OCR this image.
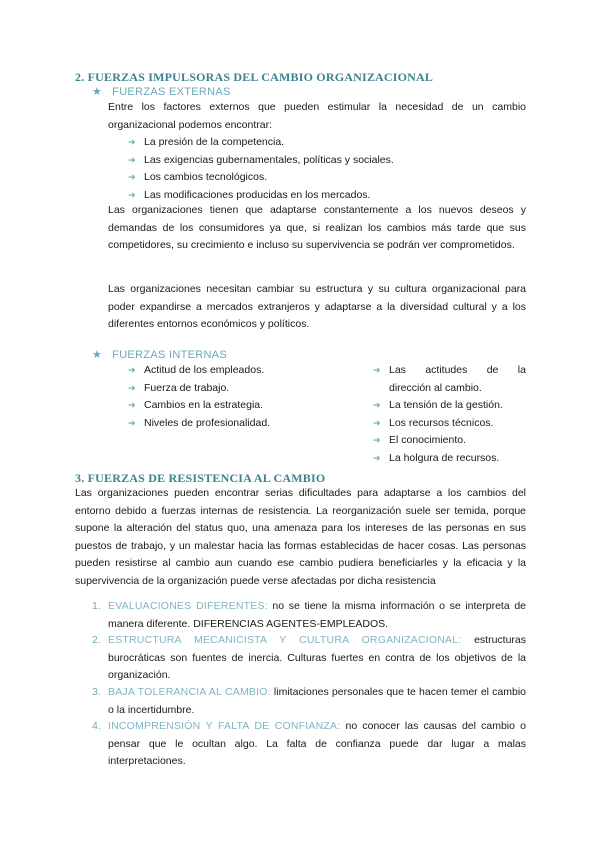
2. FUERZAS IMPULSORAS DEL CAMBIO ORGANIZACIONAL
★ FUERZAS EXTERNAS
Entre los factores externos que pueden estimular la necesidad de un cambio organizacional podemos encontrar:
➔ La presión de la competencia.
➔ Las exigencias gubernamentales, políticas y sociales.
➔ Los cambios tecnológicos.
➔ Las modificaciones producidas en los mercados.
Las organizaciones tienen que adaptarse constantemente a los nuevos deseos y demandas de los consumidores ya que, si realizan los cambios más tarde que sus competidores, su crecimiento e incluso su supervivencia se podrán ver comprometidos.
Las organizaciones necesitan cambiar su estructura y su cultura organizacional para poder expandirse a mercados extranjeros y adaptarse a la diversidad cultural y a los diferentes entornos económicos y políticos.
★ FUERZAS INTERNAS
➔ Actitud de los empleados.
➔ Fuerza de trabajo.
➔ Cambios en la estrategia.
➔ Niveles de profesionalidad.
➔ Las actitudes de la
dirección al cambio.
➔ La tensión de la gestión.
➔ Los recursos técnicos.
➔ El conocimiento.
➔ La holgura de recursos.
3. FUERZAS DE RESISTENCIA AL CAMBIO
Las organizaciones pueden encontrar serias dificultades para adaptarse a los cambios del entorno debido a fuerzas internas de resistencia. La reorganización suele ser temida, porque supone la alteración del status quo, una amenaza para los intereses de las personas en sus puestos de trabajo, y un malestar hacia las formas establecidas de hacer cosas. Las personas pueden resistirse al cambio aun cuando ese cambio pudiera beneficiarles y la eficacia y la supervivencia de la organización puede verse afectadas por dicha resistencia
1. EVALUACIONES DIFERENTES: no se tiene la misma información o se interpreta de manera diferente. DIFERENCIAS AGENTES-EMPLEADOS.
2. ESTRUCTURA MECANICISTA Y CULTURA ORGANIZACIONAL: estructuras burocráticas son fuentes de inercia. Culturas fuertes en contra de los objetivos de la organización.
3. BAJA TOLERANCIA AL CAMBIO: limitaciones personales que te hacen temer el cambio o la incertidumbre.
4. INCOMPRENSIÓN Y FALTA DE CONFIANZA: no conocer las causas del cambio o pensar que le ocultan algo. La falta de confianza puede dar lugar a malas interpretaciones.
